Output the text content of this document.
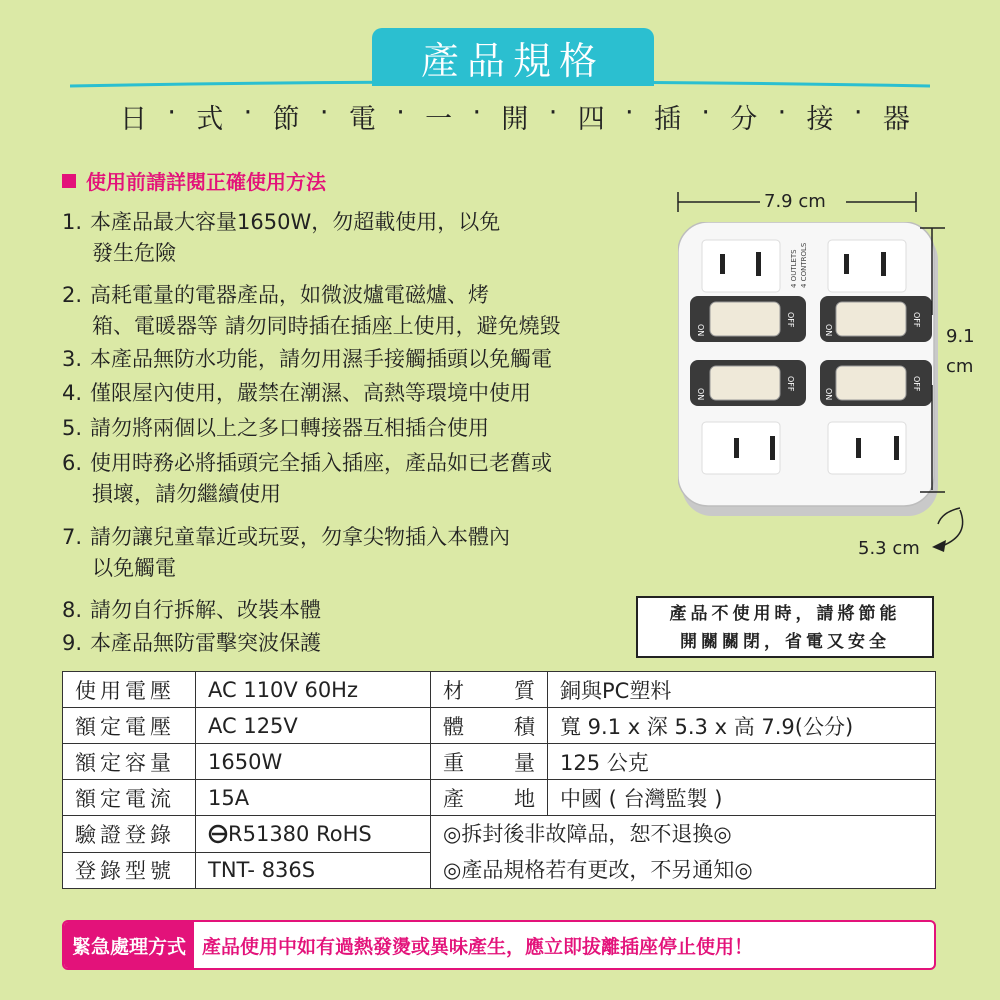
產品規格
日 · 式 · 節 · 電 · 一 · 開 · 四 · 插 · 分 · 接 · 器
使用前請詳閱正確使用方法
1. 本產品最大容量1650W，勿超載使用，以免
發生危險
2. 高耗電量的電器產品，如微波爐電磁爐、烤
箱、電暖器等 請勿同時插在插座上使用，避免燒毀
3. 本產品無防水功能，請勿用濕手接觸插頭以免觸電
4. 僅限屋內使用，嚴禁在潮濕、高熱等環境中使用
5. 請勿將兩個以上之多口轉接器互相插合使用
6. 使用時務必將插頭完全插入插座，產品如已老舊或
損壞，請勿繼續使用
7. 請勿讓兒童靠近或玩耍，勿拿尖物插入本體內
以免觸電
8. 請勿自行拆解、改裝本體
9. 本產品無防雷擊突波保護
ON
OFF
ON
OFF
ON
OFF
ON
OFF
4 OUTLETS 4 CONTROLS
7.9 cm
9.1
cm
5.3 cm
產品不使用時，請將節能
開關關閉，省電又安全
使用電壓	AC 110V 60Hz	材質	銅與PC塑料
額定電壓	AC 125V	體積	寬 9.1 x 深 5.3 x 高 7.9(公分)
額定容量	1650W	重量	125 公克
額定電流	15A	產地	中國 ( 台灣監製 )
驗證登錄	R51380 RoHS	◎拆封後非故障品，恕不退換◎
◎產品規格若有更改，不另通知◎	

登錄型號	TNT- 836S		
緊急處理方式 產品使用中如有過熱發燙或異味產生，應立即拔離插座停止使用！
